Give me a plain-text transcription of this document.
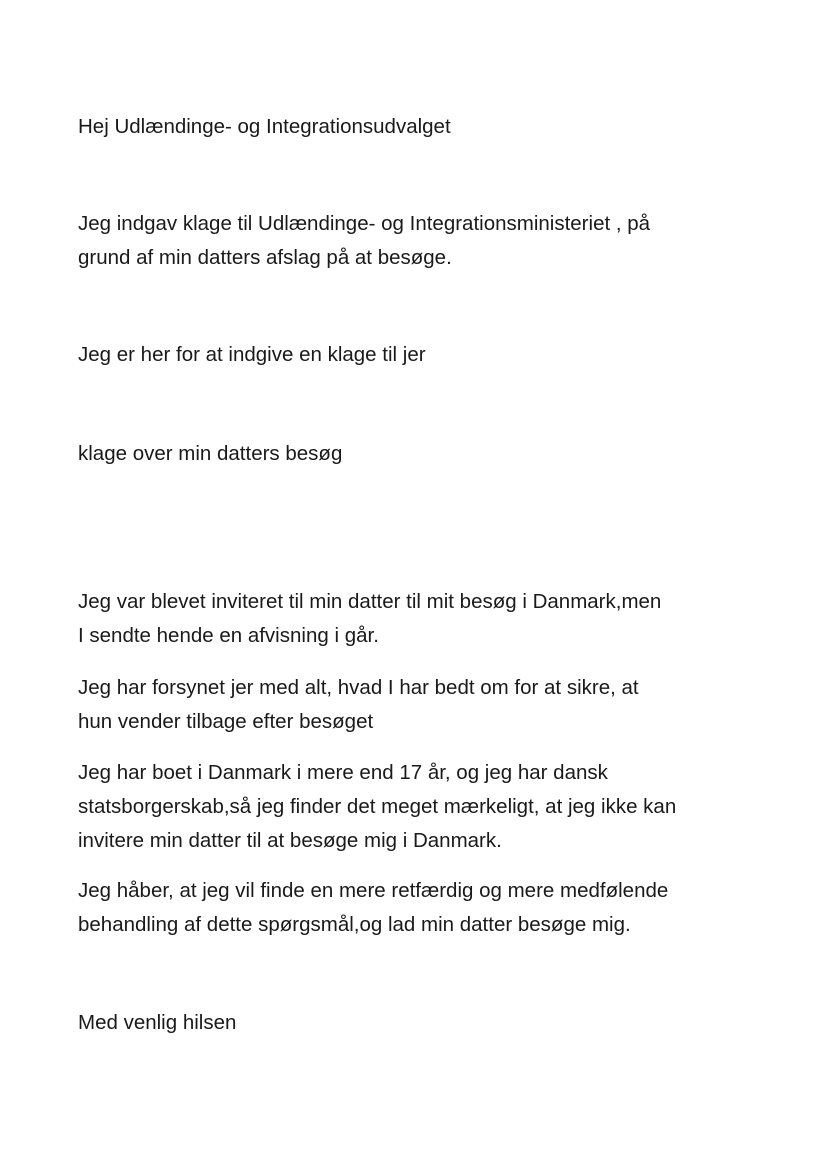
Hej Udlændinge- og Integrationsudvalget

Jeg indgav klage til Udlændinge- og Integrationsministeriet , på

grund af min datters afslag på at besøge.

Jeg er her for at indgive en klage til jer

klage over min datters besøg

Jeg var blevet inviteret til min datter til mit besøg i Danmark,men

I sendte hende en afvisning i går.

Jeg har forsynet jer med alt, hvad I har bedt om for at sikre, at

hun vender tilbage efter besøget

Jeg har boet i Danmark i mere end 17 år, og jeg har dansk

statsborgerskab,så jeg finder det meget mærkeligt, at jeg ikke kan

invitere min datter til at besøge mig i Danmark.

Jeg håber, at jeg vil finde en mere retfærdig og mere medfølende

behandling af dette spørgsmål,og lad min datter besøge mig.

Med venlig hilsen
